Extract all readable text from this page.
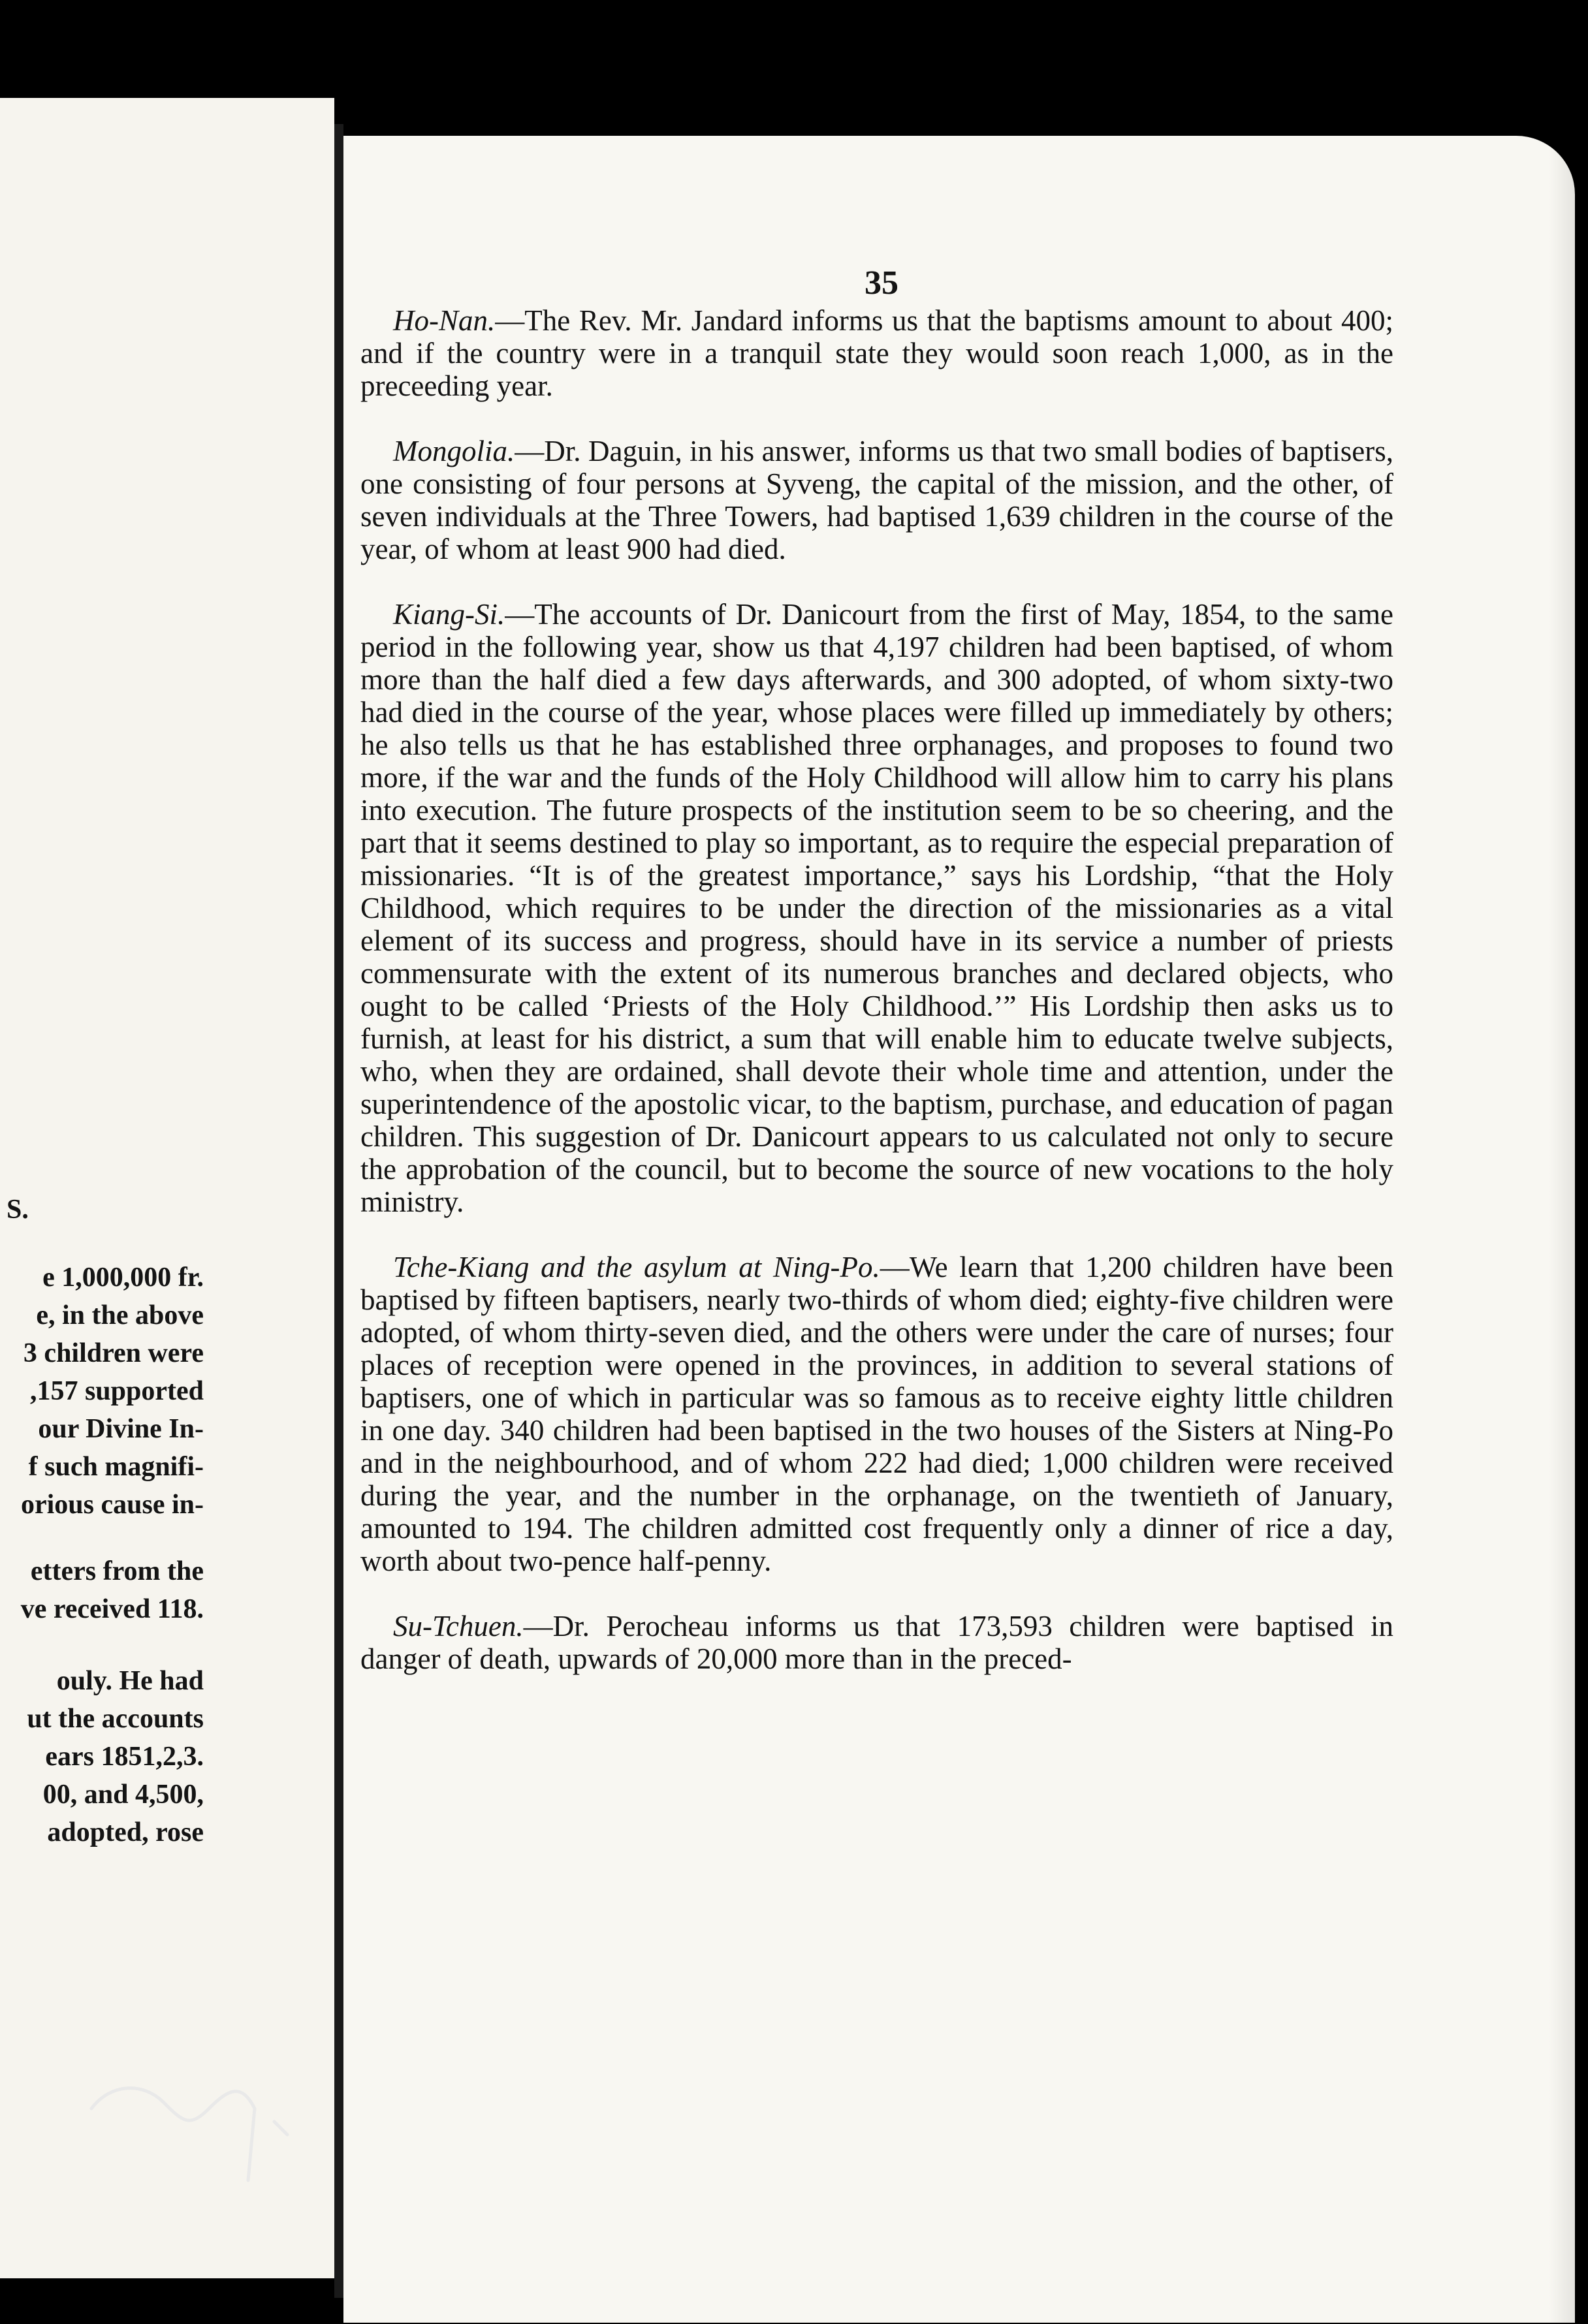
S.
e 1,000,000 fr.
e, in the above
3 children were
,157 supported
our Divine In-
f such magnifi-
orious cause in-
etters from the
ve received 118.
ouly. He had
ut the accounts
ears 1851,2,3.
00, and 4,500,
adopted, rose
35

Ho-Nan.—The Rev. Mr. Jandard informs us that the baptisms amount to about 400; and if the country were in a tranquil state they would soon reach 1,000, as in the preceeding year.

Mongolia.—Dr. Daguin, in his answer, informs us that two small bodies of baptisers, one consisting of four persons at Syveng, the capital of the mission, and the other, of seven individuals at the Three Towers, had baptised 1,639 children in the course of the year, of whom at least 900 had died.

Kiang-Si.—The accounts of Dr. Danicourt from the first of May, 1854, to the same period in the following year, show us that 4,197 children had been baptised, of whom more than the half died a few days afterwards, and 300 adopted, of whom sixty-two had died in the course of the year, whose places were filled up immediately by others; he also tells us that he has established three orphanages, and proposes to found two more, if the war and the funds of the Holy Childhood will allow him to carry his plans into execution. The future prospects of the institution seem to be so cheering, and the part that it seems destined to play so important, as to require the especial preparation of missionaries. “It is of the greatest importance,” says his Lordship, “that the Holy Childhood, which requires to be under the direction of the missionaries as a vital element of its success and progress, should have in its service a number of priests commensurate with the extent of its numerous branches and declared objects, who ought to be called ‘Priests of the Holy Childhood.’” His Lordship then asks us to furnish, at least for his district, a sum that will enable him to educate twelve subjects, who, when they are ordained, shall devote their whole time and attention, under the superintendence of the apostolic vicar, to the baptism, purchase, and education of pagan children. This suggestion of Dr. Danicourt appears to us calculated not only to secure the approbation of the council, but to become the source of new vocations to the holy ministry.

Tche-Kiang and the asylum at Ning-Po.—We learn that 1,200 children have been baptised by fifteen baptisers, nearly two-thirds of whom died; eighty-five children were adopted, of whom thirty-seven died, and the others were under the care of nurses; four places of reception were opened in the provinces, in addition to several stations of baptisers, one of which in particular was so famous as to receive eighty little children in one day. 340 children had been baptised in the two houses of the Sisters at Ning-Po and in the neighbourhood, and of whom 222 had died; 1,000 children were received during the year, and the number in the orphanage, on the twentieth of January, amounted to 194. The children admitted cost frequently only a dinner of rice a day, worth about two-pence half-penny.

Su-Tchuen.—Dr. Perocheau informs us that 173,593 children were baptised in danger of death, upwards of 20,000 more than in the preced-
